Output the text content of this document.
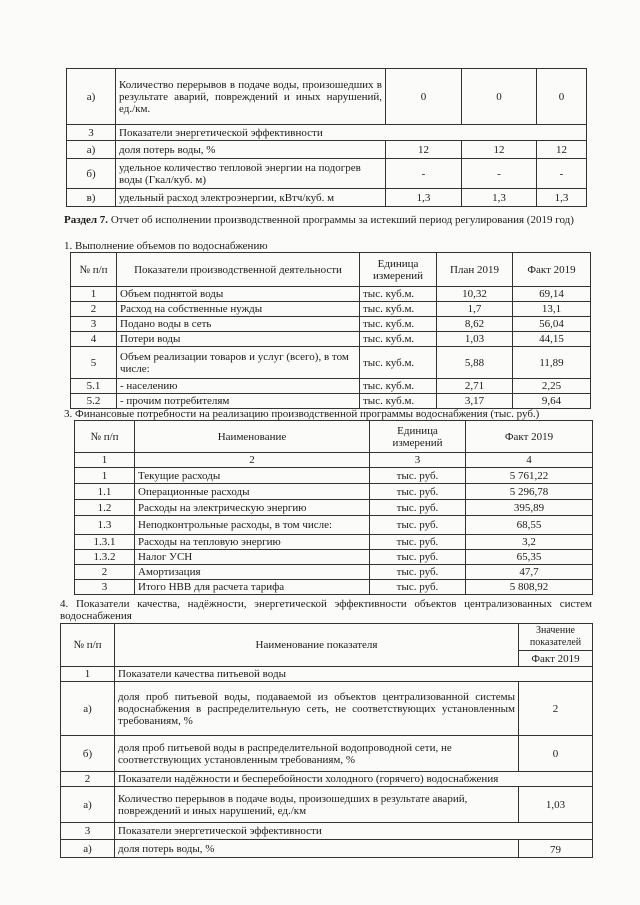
а)	Количество перерывов в подаче воды, произошедших в результате аварий, повреждений и иных нарушений, ед./км.	0	0	0
3	Показатели энергетической эффективности			
а)	доля потерь воды, %	12	12	12
б)	удельное количество тепловой энергии на подогрев воды (Гкал/куб. м)	-	-	-
в)	удельный расход электроэнергии, кВтч/куб. м	1,3	1,3	1,3
Раздел 7. Отчет об исполнении производственной программы за истекший период регулирования (2019 год)
1. Выполнение объемов по водоснабжению
№ п/п	Показатели производственной деятельности	Единица измерений	План 2019	Факт 2019
1	Объем поднятой воды	тыс. куб.м.	10,32	69,14
2	Расход на собственные нужды	тыс. куб.м.	1,7	13,1
3	Подано воды в сеть	тыс. куб.м.	8,62	56,04
4	Потери воды	тыс. куб.м.	1,03	44,15
5	Объем реализации товаров и услуг (всего), в том числе:	тыс. куб.м.	5,88	11,89
5.1	- населению	тыс. куб.м.	2,71	2,25
5.2	- прочим потребителям	тыс. куб.м.	3,17	9,64
3. Финансовые потребности на реализацию производственной программы водоснабжения (тыс. руб.)
№ п/п	Наименование	Единица измерений	Факт 2019
1	2	3	4
1	Текущие расходы	тыс. руб.	5 761,22
1.1	Операционные расходы	тыс. руб.	5 296,78
1.2	Расходы на электрическую энергию	тыс. руб.	395,89
1.3	Неподконтрольные расходы, в том числе:	тыс. руб.	68,55
1.3.1	Расходы на тепловую энергию	тыс. руб.	3,2
1.3.2	Налог УСН	тыс. руб.	65,35
2	Амортизация	тыс. руб.	47,7
3	Итого НВВ для расчета тарифа	тыс. руб.	5 808,92
4. Показатели качества, надёжности, энергетической эффективности объектов централизованных систем водоснабжения
№ п/п	Наименование показателя	Значение показателей
		Факт 2019
1	Показатели качества питьевой воды	
а)	доля проб питьевой воды, подаваемой из объектов централизованной системы водоснабжения в распределительную сеть, не соответствующих установленным требованиям, %	2
б)	доля проб питьевой воды в распределительной водопроводной сети, не соответствующих установленным требованиям, %	0
2	Показатели надёжности и бесперебойности холодного (горячего) водоснабжения	
а)	Количество перерывов в подаче воды, произошедших в результате аварий, повреждений и иных нарушений, ед./км	1,03
3	Показатели энергетической эффективности	
а)	доля потерь воды, %	79
